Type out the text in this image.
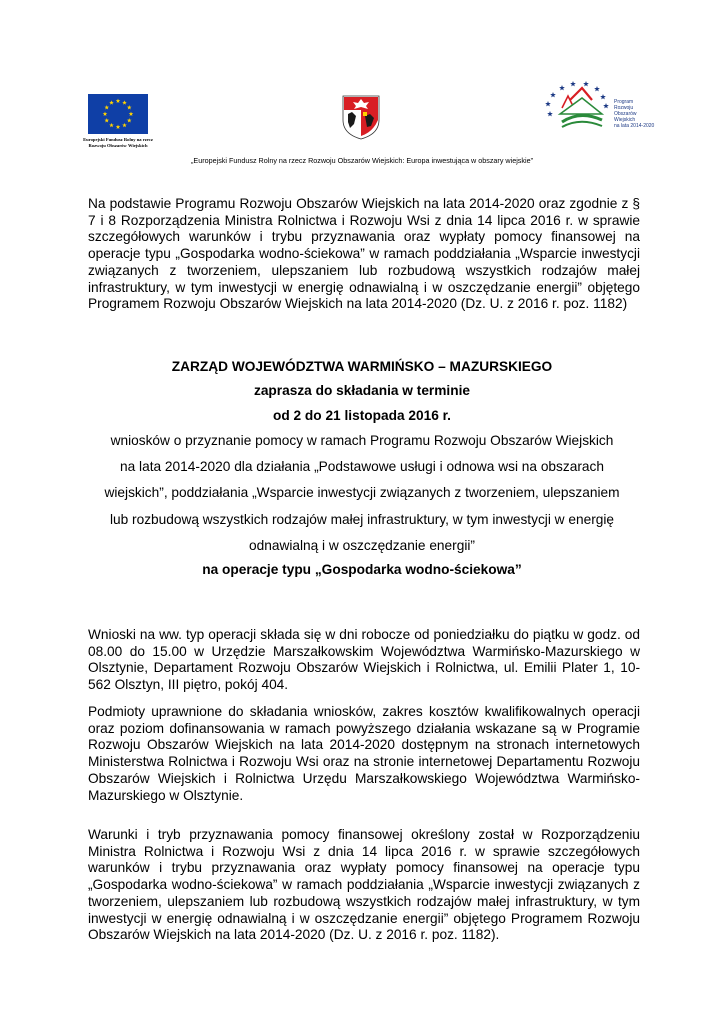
Europejski Fundusz Rolny na rzecz
Rozwoju Obszarów Wiejskich
Program
Rozwoju
Obszarów
Wiejskich
na lata 2014-2020
„Europejski Fundusz Rolny na rzecz Rozwoju Obszarów Wiejskich: Europa inwestująca w obszary wiejskie”
Na podstawie Programu Rozwoju Obszarów Wiejskich na lata 2014-2020 oraz zgodnie z § 7 i 8 Rozporządzenia Ministra Rolnictwa i Rozwoju Wsi z dnia 14 lipca 2016 r. w sprawie szczegółowych warunków i trybu przyznawania oraz wypłaty pomocy finansowej na operacje typu „Gospodarka wodno-ściekowa” w ramach poddziałania „Wsparcie inwestycji związanych z tworzeniem, ulepszaniem lub rozbudową wszystkich rodzajów małej infrastruktury, w tym inwestycji w energię odnawialną i w oszczędzanie energii” objętego Programem Rozwoju Obszarów Wiejskich na lata 2014-2020 (Dz. U. z 2016 r. poz. 1182)
ZARZĄD WOJEWÓDZTWA WARMIŃSKO – MAZURSKIEGO
zaprasza do składania w terminie
od 2 do 21 listopada 2016 r.
wniosków o przyznanie pomocy w ramach Programu Rozwoju Obszarów Wiejskich
na lata 2014-2020 dla działania „Podstawowe usługi i odnowa wsi na obszarach
wiejskich”, poddziałania „Wsparcie inwestycji związanych z tworzeniem, ulepszaniem
lub rozbudową wszystkich rodzajów małej infrastruktury, w tym inwestycji w energię
odnawialną i w oszczędzanie energii”
na operacje typu „Gospodarka wodno-ściekowa”
Wnioski na ww. typ operacji składa się w dni robocze od poniedziałku do piątku w godz. od 08.00 do 15.00 w Urzędzie Marszałkowskim Województwa Warmińsko-Mazurskiego w Olsztynie, Departament Rozwoju Obszarów Wiejskich i Rolnictwa, ul. Emilii Plater 1, 10-562 Olsztyn, III piętro, pokój 404.
Podmioty uprawnione do składania wniosków, zakres kosztów kwalifikowalnych operacji oraz poziom dofinansowania w ramach powyższego działania wskazane są w Programie Rozwoju Obszarów Wiejskich na lata 2014-2020 dostępnym na stronach internetowych Ministerstwa Rolnictwa i Rozwoju Wsi oraz na stronie internetowej Departamentu Rozwoju Obszarów Wiejskich i Rolnictwa Urzędu Marszałkowskiego Województwa Warmińsko-Mazurskiego w Olsztynie.
Warunki i tryb przyznawania pomocy finansowej określony został w Rozporządzeniu Ministra Rolnictwa i Rozwoju Wsi z dnia 14 lipca 2016 r. w sprawie szczegółowych warunków i trybu przyznawania oraz wypłaty pomocy finansowej na operacje typu „Gospodarka wodno-ściekowa” w ramach poddziałania „Wsparcie inwestycji związanych z tworzeniem, ulepszaniem lub rozbudową wszystkich rodzajów małej infrastruktury, w tym inwestycji w energię odnawialną i w oszczędzanie energii” objętego Programem Rozwoju Obszarów Wiejskich na lata 2014-2020 (Dz. U. z 2016 r. poz. 1182).
